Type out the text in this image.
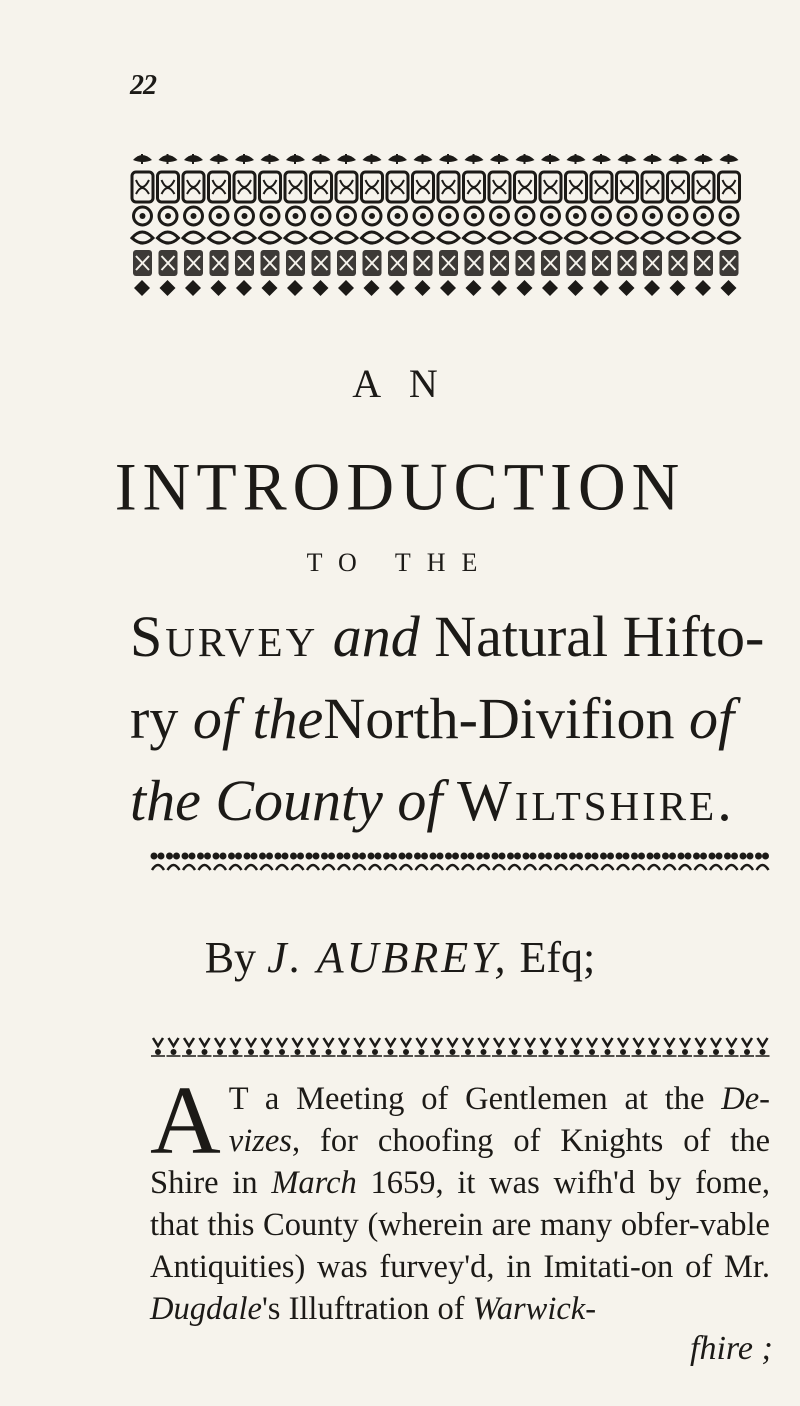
22
A N
INTRODUCTION
TO THE
Survey and Natural Hifto-
ry of theNorth-Divifion of
the County of Wiltshire.
By J. AUBREY, Efq;
A T a Meeting of Gentlemen at the De-vizes, for choofing of Knights of the Shire in March 1659, it was wifh'd by fome, that this County (wherein are many obfer-vable Antiquities) was furvey'd, in Imitati-on of Mr. Dugdale's Illuftration of Warwick-
fhire ;
